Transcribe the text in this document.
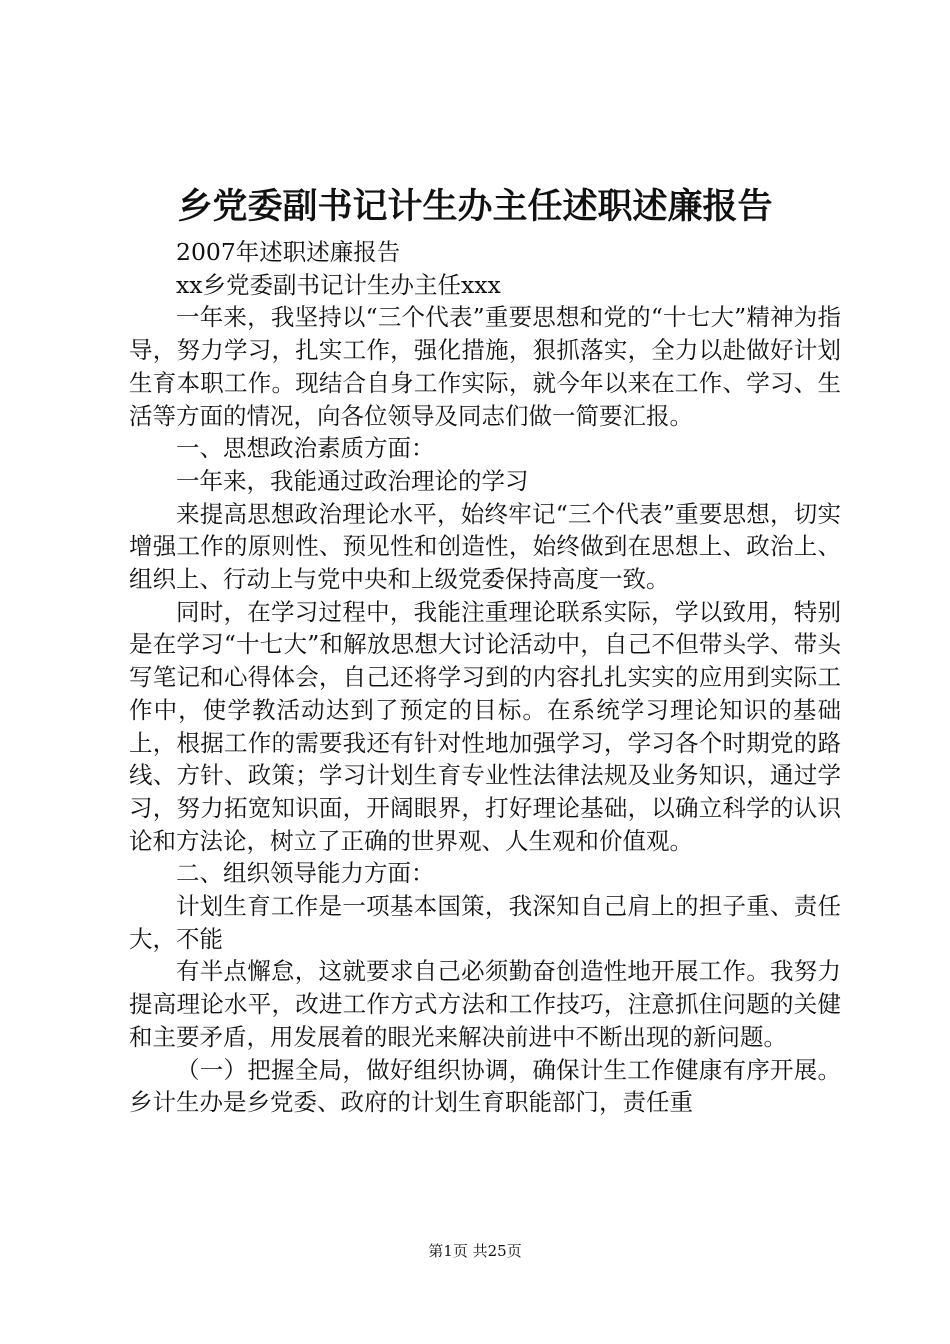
乡党委副书记计生办主任述职述廉报告

2007年述职述廉报告

xx乡党委副书记计生办主任xxx

一年来，我坚持以“三个代表”重要思想和党的“十七大”精神为指导，努力学习，扎实工作，强化措施，狠抓落实，全力以赴做好计划生育本职工作。现结合自身工作实际，就今年以来在工作、学习、生活等方面的情况，向各位领导及同志们做一简要汇报。

一、思想政治素质方面：

一年来，我能通过政治理论的学习

来提高思想政治理论水平，始终牢记“三个代表”重要思想，切实增强工作的原则性、预见性和创造性，始终做到在思想上、政治上、组织上、行动上与党中央和上级党委保持高度一致。

同时，在学习过程中，我能注重理论联系实际，学以致用，特别是在学习“十七大”和解放思想大讨论活动中，自己不但带头学、带头写笔记和心得体会，自己还将学习到的内容扎扎实实的应用到实际工作中，使学教活动达到了预定的目标。在系统学习理论知识的基础上，根据工作的需要我还有针对性地加强学习，学习各个时期党的路线、方针、政策；学习计划生育专业性法律法规及业务知识，通过学习，努力拓宽知识面，开阔眼界，打好理论基础，以确立科学的认识论和方法论，树立了正确的世界观、人生观和价值观。

二、组织领导能力方面：

计划生育工作是一项基本国策，我深知自己肩上的担子重、责任大，不能

有半点懈怠，这就要求自己必须勤奋创造性地开展工作。我努力提高理论水平，改进工作方式方法和工作技巧，注意抓住问题的关健和主要矛盾，用发展着的眼光来解决前进中不断出现的新问题。

（一）把握全局，做好组织协调，确保计生工作健康有序开展。乡计生办是乡党委、政府的计划生育职能部门，责任重

第1页 共25页
